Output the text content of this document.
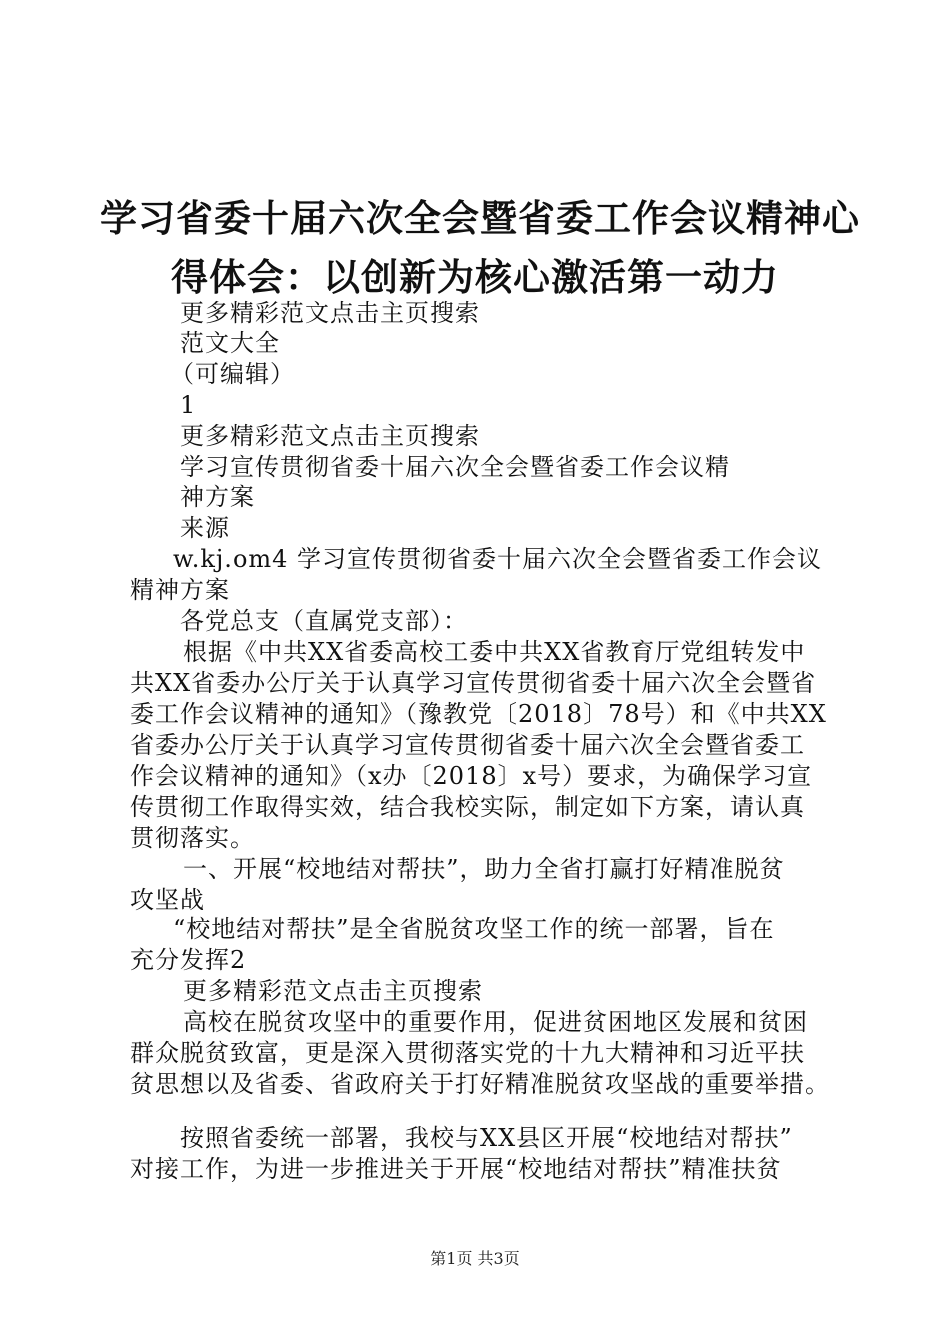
学习省委十届六次全会暨省委工作会议精神心
得体会：以创新为核心激活第一动力
更多精彩范文点击主页搜索
范文大全
（可编辑）
1
更多精彩范文点击主页搜索
学习宣传贯彻省委十届六次全会暨省委工作会议精
神方案
来源
w.kj.om4 学习宣传贯彻省委十届六次全会暨省委工作会议
精神方案
各党总支（直属党支部）：
根据《中共XX省委高校工委中共XX省教育厅党组转发中
共XX省委办公厅关于认真学习宣传贯彻省委十届六次全会暨省
委工作会议精神的通知》（豫教党〔2018〕78号）和《中共XX
省委办公厅关于认真学习宣传贯彻省委十届六次全会暨省委工
作会议精神的通知》（x办〔2018〕x号）要求，为确保学习宣
传贯彻工作取得实效，结合我校实际，制定如下方案，请认真
贯彻落实。
一、开展“校地结对帮扶”，助力全省打赢打好精准脱贫
攻坚战
“校地结对帮扶”是全省脱贫攻坚工作的统一部署，旨在
充分发挥2
更多精彩范文点击主页搜索
高校在脱贫攻坚中的重要作用，促进贫困地区发展和贫困
群众脱贫致富，更是深入贯彻落实党的十九大精神和习近平扶
贫思想以及省委、省政府关于打好精准脱贫攻坚战的重要举措。
按照省委统一部署，我校与XX县区开展“校地结对帮扶”
对接工作，为进一步推进关于开展“校地结对帮扶”精准扶贫
第1页 共3页
